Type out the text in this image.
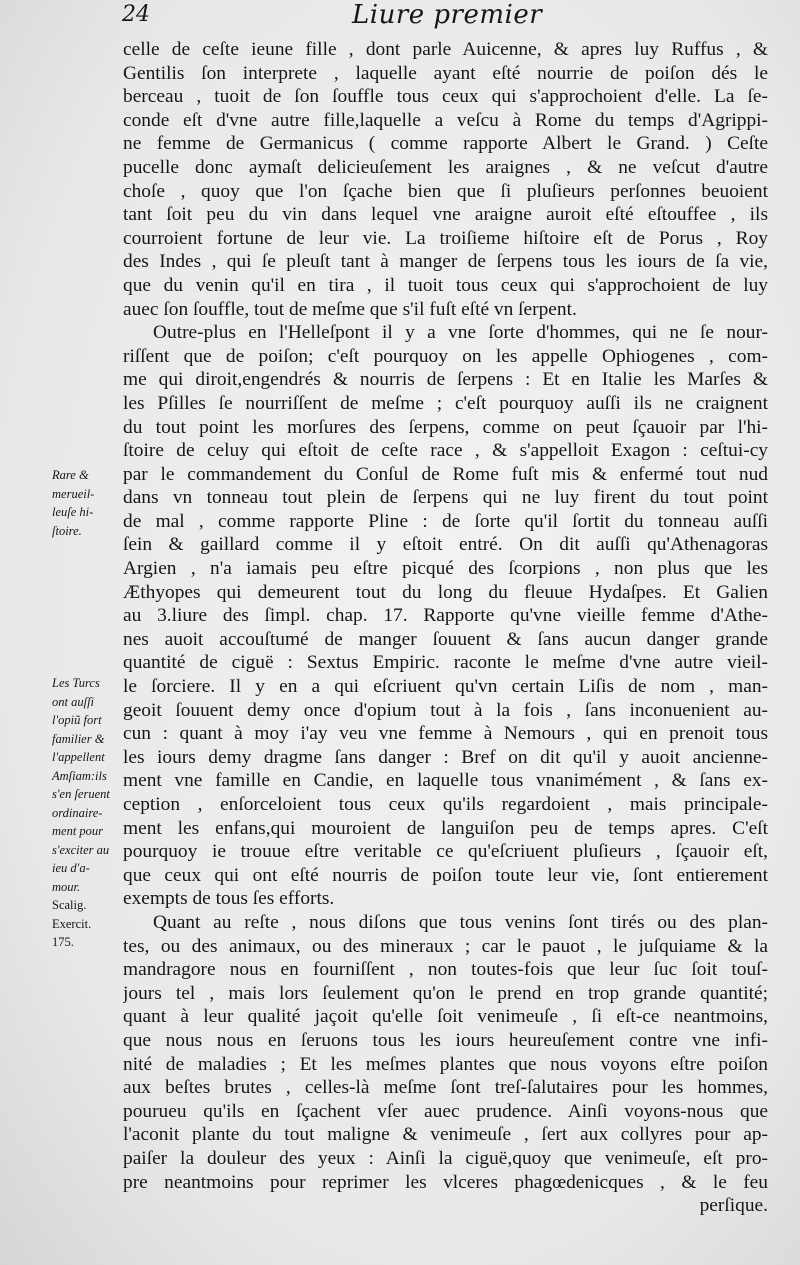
24	Liure premier
Rare &
merueil-
leuſe hi-
ſtoire.
Les Turcs
ont auſſi
l'opiũ fort
familier &
l'appellent
Amſiam:ils
s'en ſeruent
ordinaire-
ment pour
s'exciter au
ieu d'a-
mour.
Scalig.
Exercit.
175.
celle de ceſte ieune fille , dont parle Auicenne, & apres luy Ruffus , &
Gentilis ſon interprete , laquelle ayant eſté nourrie de poiſon dés le
berceau , tuoit de ſon ſouffle tous ceux qui s'approchoient d'elle. La ſe-
conde eſt d'vne autre fille,laquelle a veſcu à Rome du temps d'Agrippi-
ne femme de Germanicus ( comme rapporte Albert le Grand. ) Ceſte
pucelle donc aymaſt delicieuſement les araignes , & ne veſcut d'autre
choſe , quoy que l'on ſçache bien que ſi pluſieurs perſonnes beuoient
tant ſoit peu du vin dans lequel vne araigne auroit eſté eſtouffee , ils
courroient fortune de leur vie. La troiſieme hiſtoire eſt de Porus , Roy
des Indes , qui ſe pleuſt tant à manger de ſerpens tous les iours de ſa vie,
que du venin qu'il en tira , il tuoit tous ceux qui s'approchoient de luy
auec ſon ſouffle, tout de meſme que s'il fuſt eſté vn ſerpent.
Outre-plus en l'Helleſpont il y a vne ſorte d'hommes, qui ne ſe nour-
riſſent que de poiſon; c'eſt pourquoy on les appelle Ophiogenes , com-
me qui diroit,engendrés & nourris de ſerpens : Et en Italie les Marſes &
les Pſilles ſe nourriſſent de meſme ; c'eſt pourquoy auſſi ils ne craignent
du tout point les morſures des ſerpens, comme on peut ſçauoir par l'hi-
ſtoire de celuy qui eſtoit de ceſte race , & s'appelloit Exagon : ceſtui-cy
par le commandement du Conſul de Rome fuſt mis & enfermé tout nud
dans vn tonneau tout plein de ſerpens qui ne luy firent du tout point
de mal , comme rapporte Pline : de ſorte qu'il ſortit du tonneau auſſi
ſein & gaillard comme il y eſtoit entré. On dit auſſi qu'Athenagoras
Argien , n'a iamais peu eſtre picqué des ſcorpions , non plus que les
Æthyopes qui demeurent tout du long du fleuue Hydaſpes. Et Galien
au 3.liure des ſimpl. chap. 17. Rapporte qu'vne vieille femme d'Athe-
nes auoit accouſtumé de manger ſouuent & ſans aucun danger grande
quantité de ciguë : Sextus Empiric. raconte le meſme d'vne autre vieil-
le ſorciere. Il y en a qui eſcriuent qu'vn certain Liſis de nom , man-
geoit ſouuent demy once d'opium tout à la fois , ſans inconuenient au-
cun : quant à moy i'ay veu vne femme à Nemours , qui en prenoit tous
les iours demy dragme ſans danger : Bref on dit qu'il y auoit ancienne-
ment vne famille en Candie, en laquelle tous vnanimément , & ſans ex-
ception , enſorceloient tous ceux qu'ils regardoient , mais principale-
ment les enfans,qui mouroient de languiſon peu de temps apres. C'eſt
pourquoy ie trouue eſtre veritable ce qu'eſcriuent pluſieurs , ſçauoir eſt,
que ceux qui ont eſté nourris de poiſon toute leur vie, ſont entierement
exempts de tous ſes efforts.
Quant au reſte , nous diſons que tous venins ſont tirés ou des plan-
tes, ou des animaux, ou des mineraux ; car le pauot , le juſquiame & la
mandragore nous en fourniſſent , non toutes-fois que leur ſuc ſoit touſ-
jours tel , mais lors ſeulement qu'on le prend en trop grande quantité;
quant à leur qualité jaçoit qu'elle ſoit venimeuſe , ſi eſt-ce neantmoins,
que nous nous en ſeruons tous les iours heureuſement contre vne infi-
nité de maladies ; Et les meſmes plantes que nous voyons eſtre poiſon
aux beſtes brutes , celles-là meſme ſont treſ-ſalutaires pour les hommes,
pourueu qu'ils en ſçachent vſer auec prudence. Ainſi voyons-nous que
l'aconit plante du tout maligne & venimeuſe , ſert aux collyres pour ap-
paiſer la douleur des yeux : Ainſi la ciguë,quoy que venimeuſe, eſt pro-
pre neantmoins pour reprimer les vlceres phagœdenicques , & le feu
perſique.
